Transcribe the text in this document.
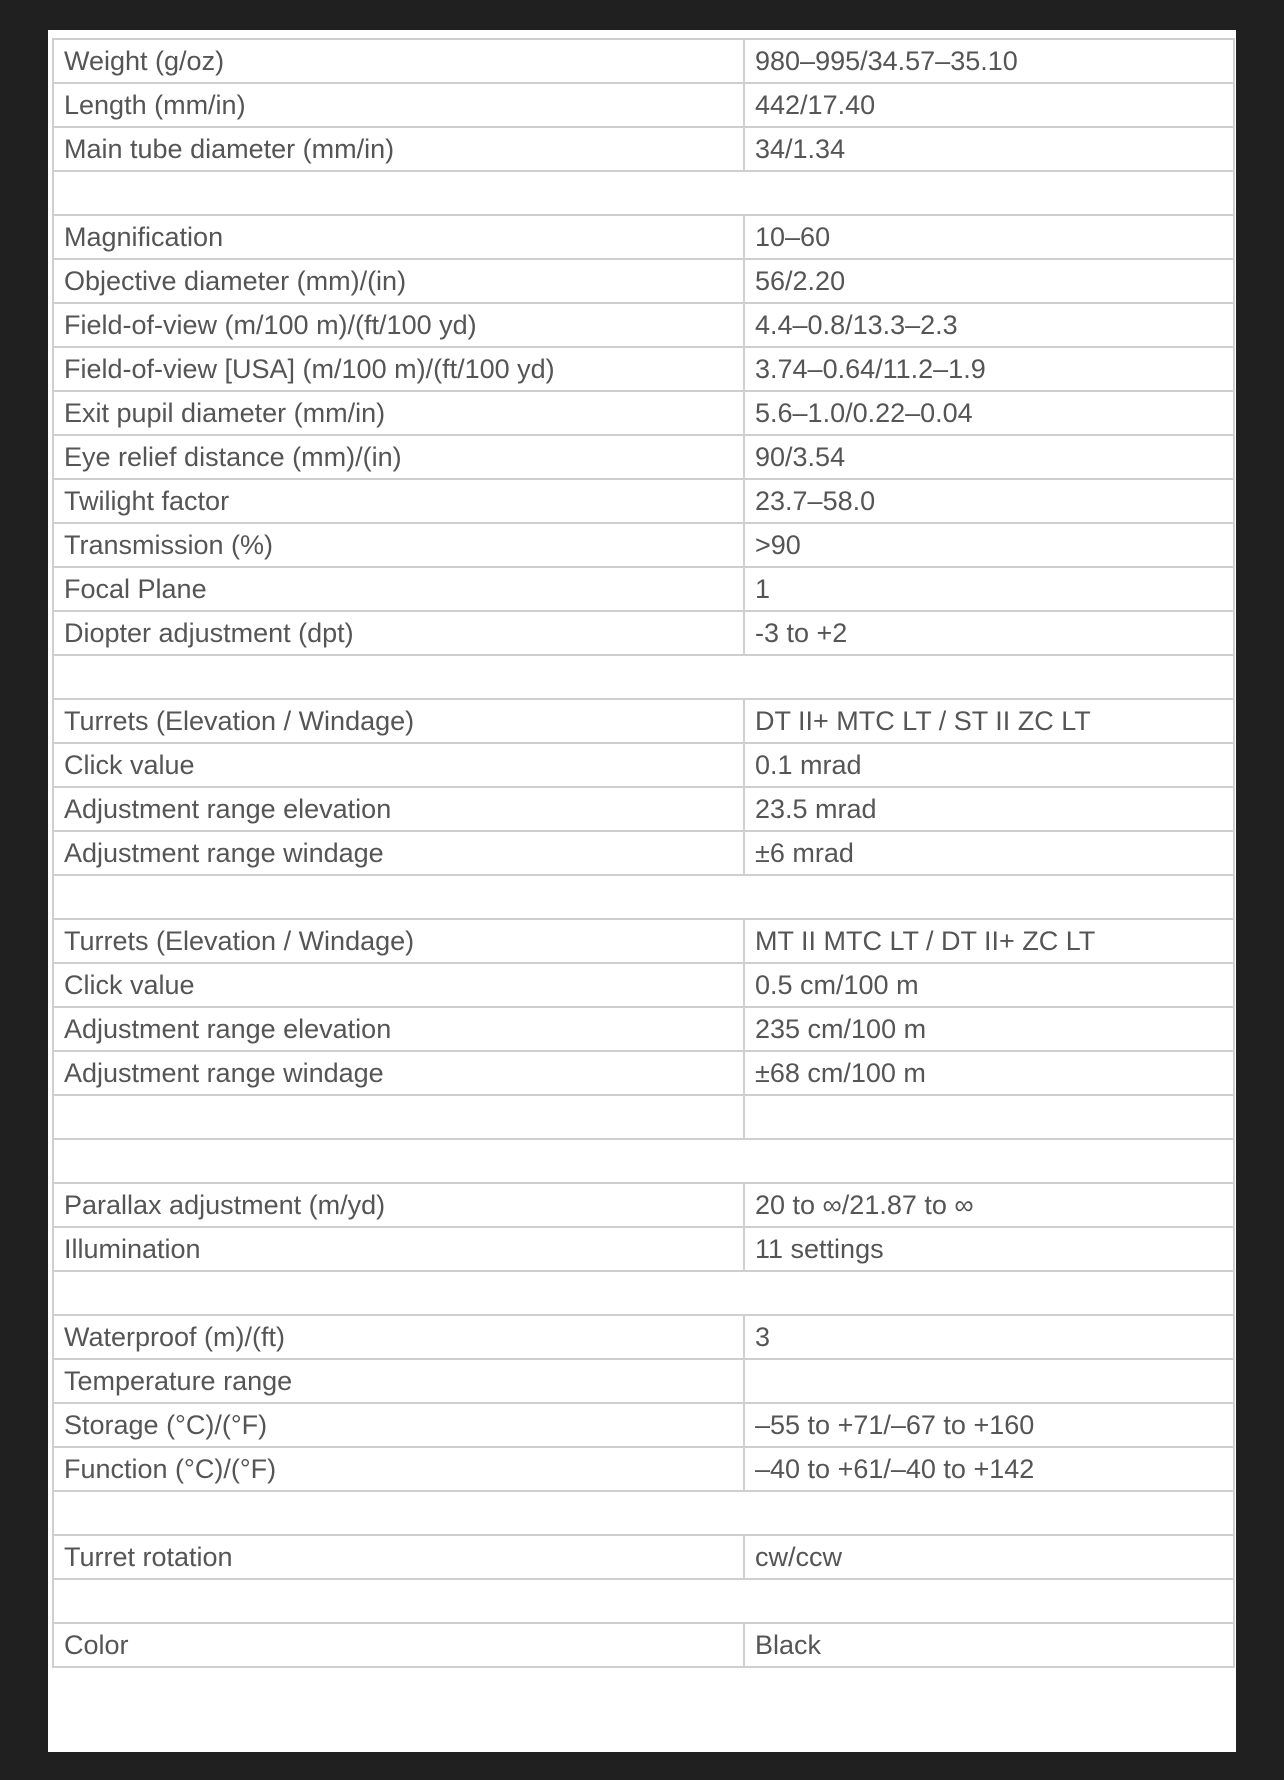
Weight (g/oz)	980–995/34.57–35.10
Length (mm/in)	442/17.40
Main tube diameter (mm/in)	34/1.34

Magnification	10–60
Objective diameter (mm)/(in)	56/2.20
Field-of-view (m/100 m)/(ft/100 yd)	4.4–0.8/13.3–2.3
Field-of-view [USA] (m/100 m)/(ft/100 yd)	3.74–0.64/11.2–1.9
Exit pupil diameter (mm/in)	5.6–1.0/0.22–0.04
Eye relief distance (mm)/(in)	90/3.54
Twilight factor	23.7–58.0
Transmission (%)	>90
Focal Plane	1
Diopter adjustment (dpt)	-3 to +2

Turrets (Elevation / Windage)	DT II+ MTC LT / ST II ZC LT
Click value	0.1 mrad
Adjustment range elevation	23.5 mrad
Adjustment range windage	±6 mrad

Turrets (Elevation / Windage)	MT II MTC LT / DT II+ ZC LT
Click value	0.5 cm/100 m
Adjustment range elevation	235 cm/100 m
Adjustment range windage	±68 cm/100 m

Parallax adjustment (m/yd)	20 to ∞/21.87 to ∞
Illumination	11 settings

Waterproof (m)/(ft)	3
Temperature range	
Storage (°C)/(°F)	–55 to +71/–67 to +160
Function (°C)/(°F)	–40 to +61/–40 to +142

Turret rotation	cw/ccw

Color	Black
